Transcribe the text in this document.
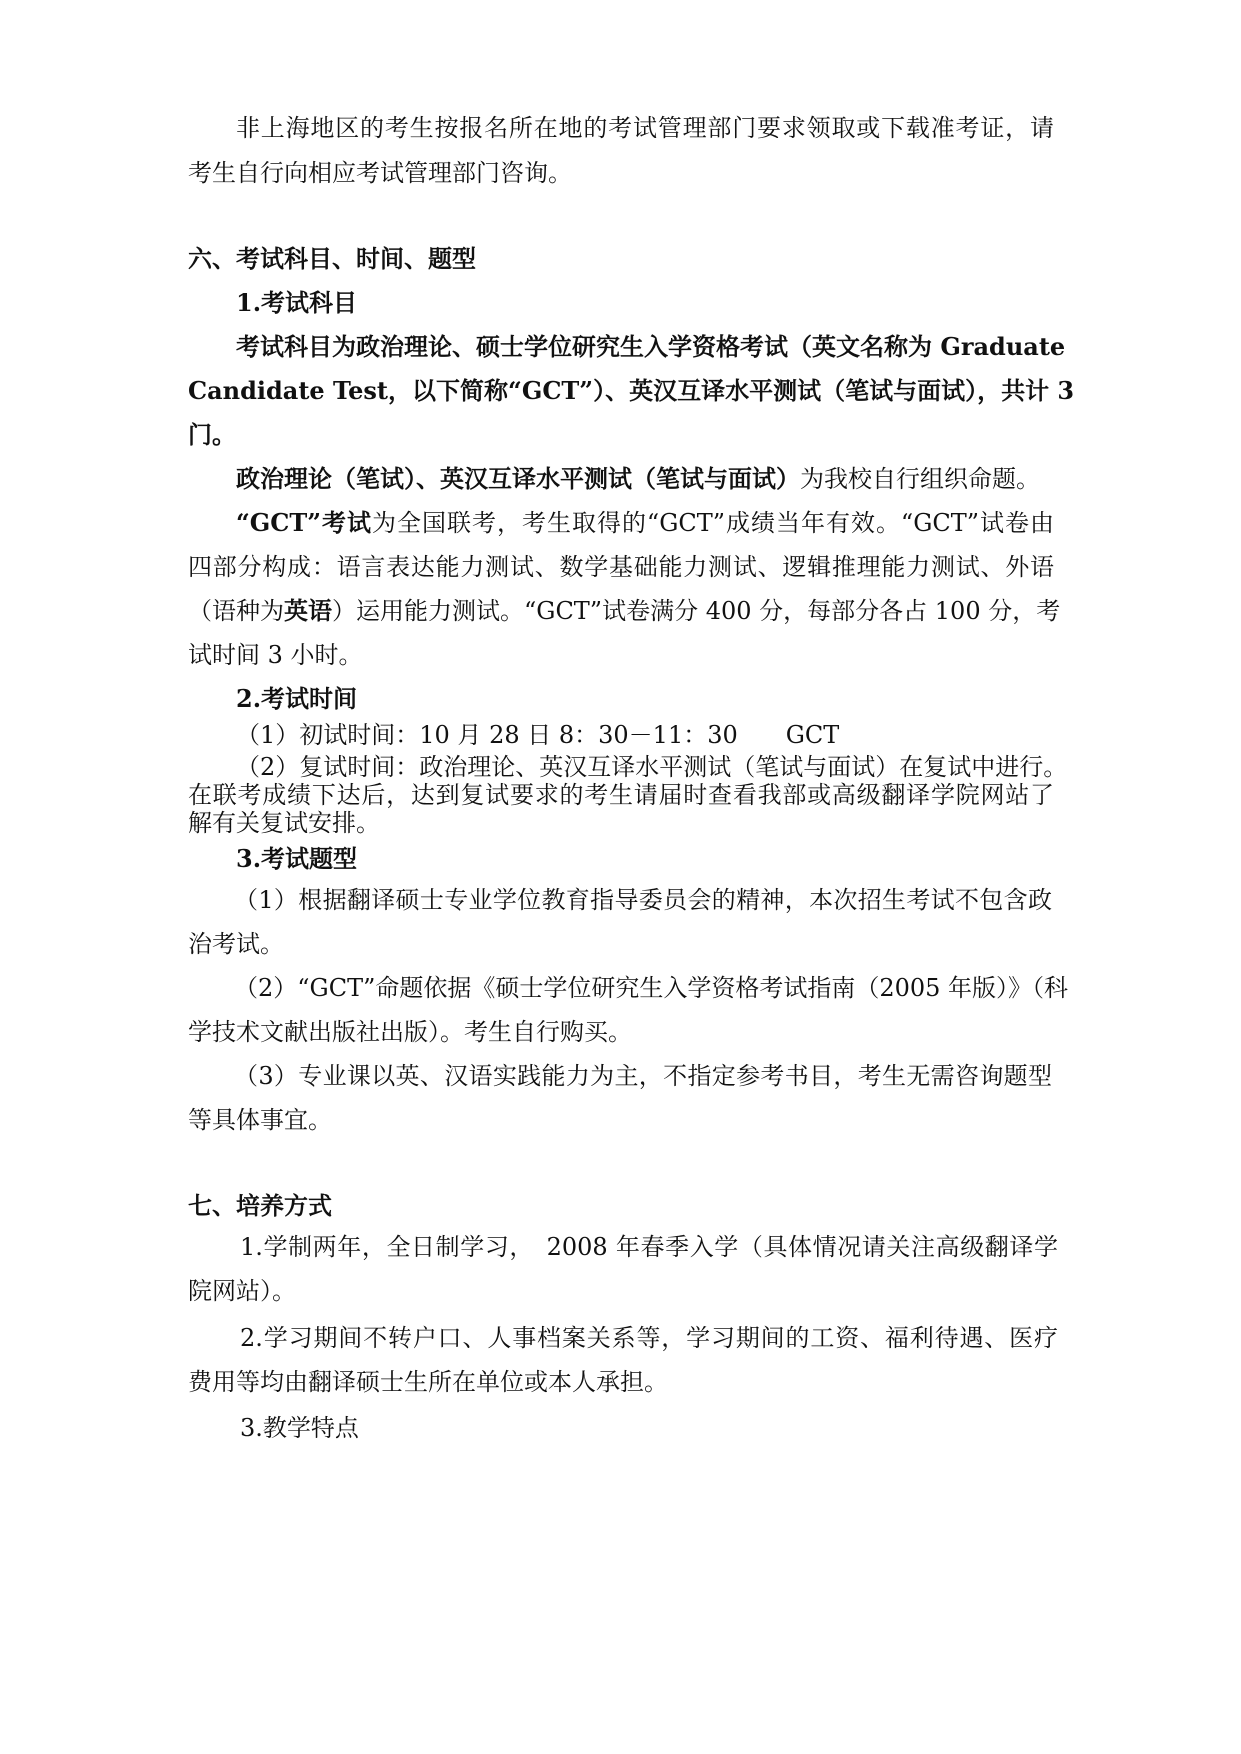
非上海地区的考生按报名所在地的考试管理部门要求领取或下载准考证，请

考生自行向相应考试管理部门咨询。

六、考试科目、时间、题型

1.考试科目

考试科目为政治理论、硕士学位研究生入学资格考试（英文名称为 Graduate

Candidate Test，以下简称“GCT”）、英汉互译水平测试（笔试与面试），共计 3

门。

政治理论（笔试）、英汉互译水平测试（笔试与面试）为我校自行组织命题。

“GCT”考试为全国联考，考生取得的“GCT”成绩当年有效。“GCT”试卷由

四部分构成：语言表达能力测试、数学基础能力测试、逻辑推理能力测试、外语

（语种为英语）运用能力测试。“GCT”试卷满分 400 分，每部分各占 100 分，考

试时间 3 小时。

2.考试时间

（1）初试时间：10 月 28 日 8：30－11：30　　GCT

（2）复试时间：政治理论、英汉互译水平测试（笔试与面试）在复试中进行。

在联考成绩下达后，达到复试要求的考生请届时查看我部或高级翻译学院网站了

解有关复试安排。

3.考试题型

（1）根据翻译硕士专业学位教育指导委员会的精神，本次招生考试不包含政

治考试。

（2）“GCT”命题依据《硕士学位研究生入学资格考试指南（2005 年版）》（科

学技术文献出版社出版）。考生自行购买。

（3）专业课以英、汉语实践能力为主，不指定参考书目，考生无需咨询题型

等具体事宜。

七、培养方式

1.学制两年，全日制学习，　2008 年春季入学（具体情况请关注高级翻译学

院网站）。

2.学习期间不转户口、人事档案关系等，学习期间的工资、福利待遇、医疗

费用等均由翻译硕士生所在单位或本人承担。

3.教学特点
